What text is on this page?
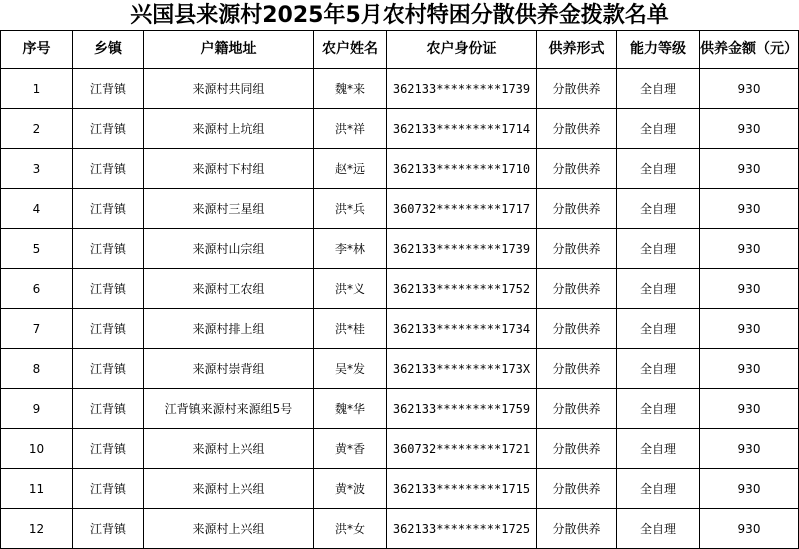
兴国县来源村2025年5月农村特困分散供养金拨款名单
序号	乡镇	户籍地址	农户姓名	农户身份证	供养形式	能力等级	供养金额（元）
1	江背镇	来源村共同组	魏*来	362133*********1739	分散供养	全自理	930
2	江背镇	来源村上坑组	洪*祥	362133*********1714	分散供养	全自理	930
3	江背镇	来源村下村组	赵*远	362133*********1710	分散供养	全自理	930
4	江背镇	来源村三星组	洪*兵	360732*********1717	分散供养	全自理	930
5	江背镇	来源村山宗组	李*林	362133*********1739	分散供养	全自理	930
6	江背镇	来源村工农组	洪*义	362133*********1752	分散供养	全自理	930
7	江背镇	来源村排上组	洪*桂	362133*********1734	分散供养	全自理	930
8	江背镇	来源村崇背组	吴*发	362133*********173X	分散供养	全自理	930
9	江背镇	江背镇来源村来源组5号	魏*华	362133*********1759	分散供养	全自理	930
10	江背镇	来源村上兴组	黄*香	360732*********1721	分散供养	全自理	930
11	江背镇	来源村上兴组	黄*波	362133*********1715	分散供养	全自理	930
12	江背镇	来源村上兴组	洪*女	362133*********1725	分散供养	全自理	930
